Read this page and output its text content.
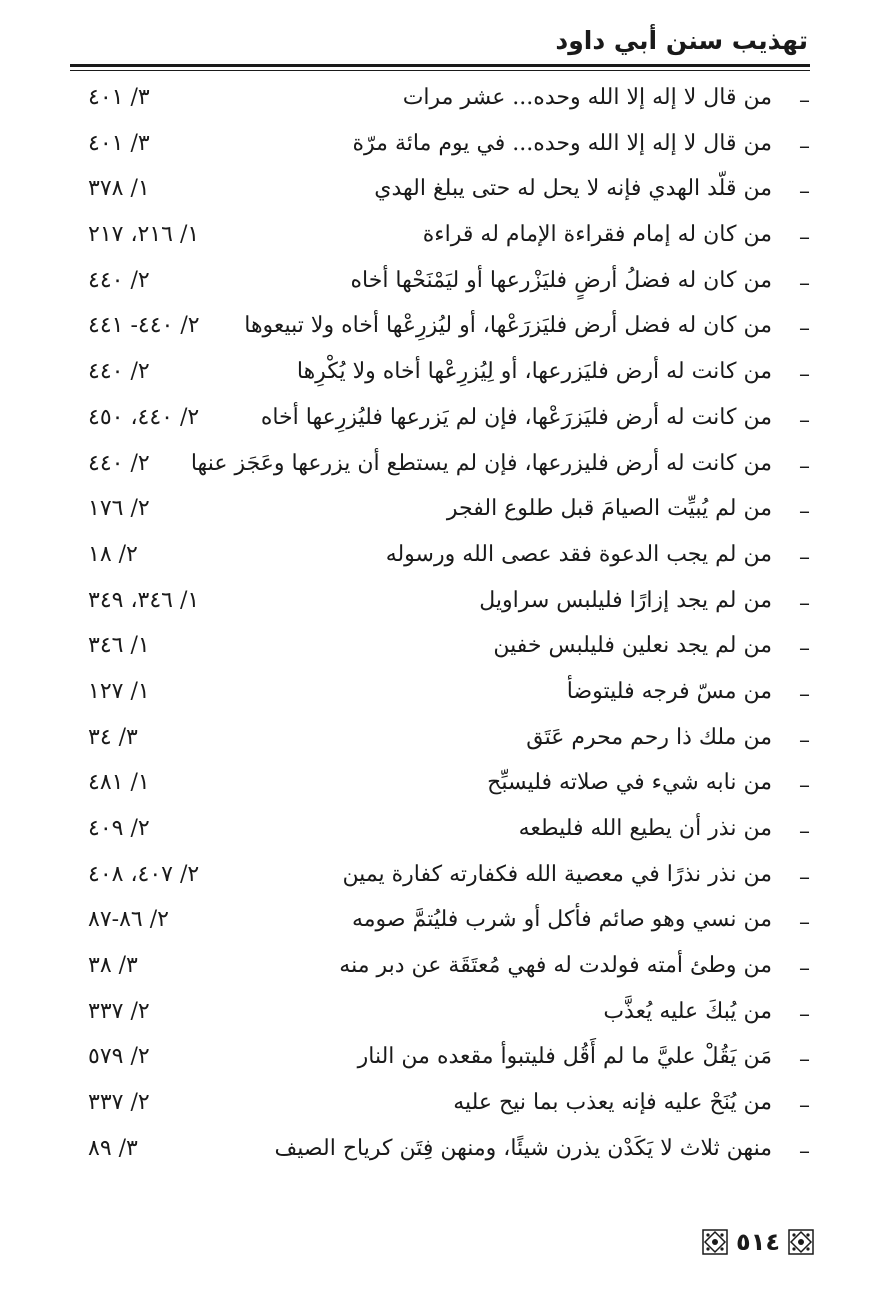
تهذيب سنن أبي داود
–
من قال لا إله إلا الله وحده... عشر مرات
٣/ ٤٠١
–
من قال لا إله إلا الله وحده... في يوم مائة مرّة
٣/ ٤٠١
–
من قلّد الهدي فإنه لا يحل له حتى يبلغ الهدي
١/ ٣٧٨
–
من كان له إمام فقراءة الإمام له قراءة
١/ ٢١٦، ٢١٧
–
من كان له فضلُ أرضٍ فليَزْرعها أو ليَمْنَحْها أخاه
٢/ ٤٤٠
–
من كان له فضل أرض فليَزرَعْها، أو ليُزرِعْها أخاه ولا تبيعوها
٢/ ٤٤٠- ٤٤١
–
من كانت له أرض فليَزرعها، أو لِيُزرِعْها أخاه ولا يُكْرِها
٢/ ٤٤٠
–
من كانت له أرض فليَزرَعْها، فإن لم يَزرعها فليُزرِعها أخاه
٢/ ٤٤٠، ٤٥٠
–
من كانت له أرض فليزرعها، فإن لم يستطع أن يزرعها وعَجَز عنها
٢/ ٤٤٠
–
من لم يُبيِّت الصيامَ قبل طلوع الفجر
٢/ ١٧٦
–
من لم يجب الدعوة فقد عصى الله ورسوله
٢/ ١٨
–
من لم يجد إزارًا فليلبس سراويل
١/ ٣٤٦، ٣٤٩
–
من لم يجد نعلين فليلبس خفين
١/ ٣٤٦
–
من مسّ فرجه فليتوضأ
١/ ١٢٧
–
من ملك ذا رحم محرم عَتَق
٣/ ٣٤
–
من نابه شيء في صلاته فليسبِّح
١/ ٤٨١
–
من نذر أن يطيع الله فليطعه
٢/ ٤٠٩
–
من نذر نذرًا في معصية الله فكفارته كفارة يمين
٢/ ٤٠٧، ٤٠٨
–
من نسي وهو صائم فأكل أو شرب فليُتمَّ صومه
٢/ ٨٦-٨٧
–
من وطئ أمته فولدت له فهي مُعتَقَة عن دبر منه
٣/ ٣٨
–
من يُبكَ عليه يُعذَّب
٢/ ٣٣٧
–
مَن يَقُلْ عليَّ ما لم أَقُل فليتبوأ مقعده من النار
٢/ ٥٧٩
–
من يُنَحْ عليه فإنه يعذب بما نيح عليه
٢/ ٣٣٧
–
منهن ثلاث لا يَكَدْن يذرن شيئًا، ومنهن فِتَن كرياح الصيف
٣/ ٨٩
٥١٤
